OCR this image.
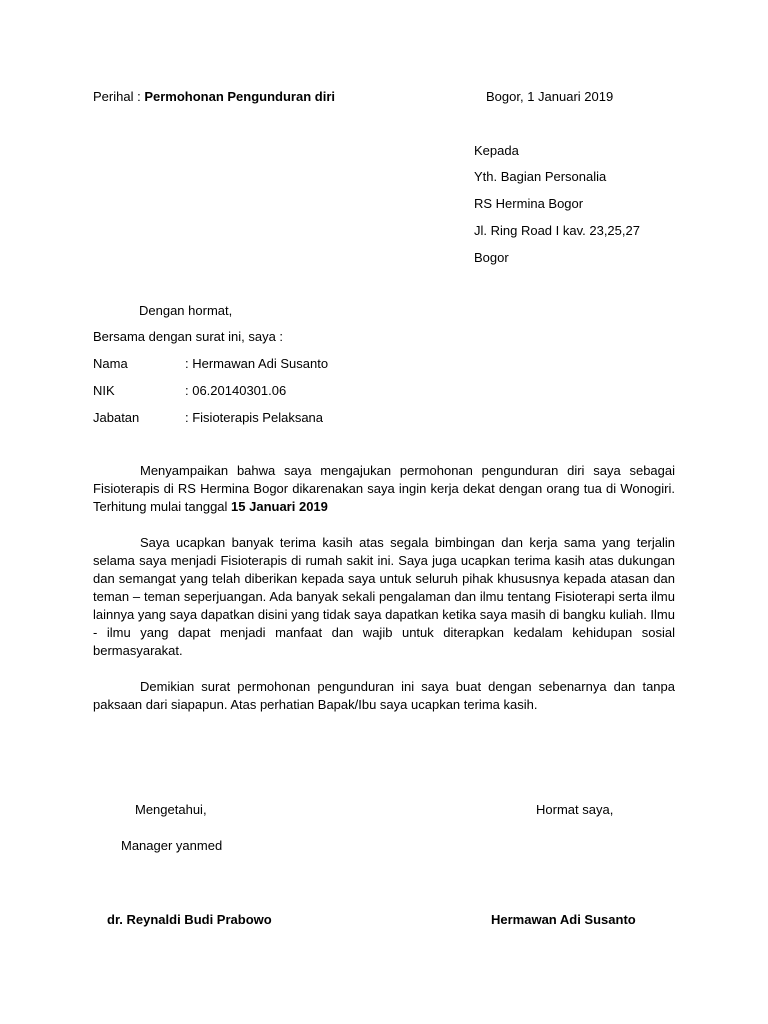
Perihal : Permohonan Pengunduran diri	Bogor, 1 Januari 2019
Kepada
Yth. Bagian Personalia
RS Hermina Bogor
Jl. Ring Road I kav. 23,25,27
Bogor
Dengan hormat,
Bersama dengan surat ini, saya :
Nama	: Hermawan Adi Susanto
NIK	: 06.20140301.06
Jabatan	: Fisioterapis Pelaksana
Menyampaikan bahwa saya mengajukan permohonan pengunduran diri saya sebagai Fisioterapis di RS Hermina Bogor dikarenakan saya ingin kerja dekat dengan orang tua di Wonogiri. Terhitung mulai tanggal 15 Januari 2019
Saya ucapkan banyak terima kasih atas segala bimbingan dan kerja sama yang terjalin selama saya menjadi Fisioterapis di rumah sakit ini. Saya juga ucapkan terima kasih atas dukungan dan semangat yang telah diberikan kepada saya untuk seluruh pihak khususnya kepada atasan dan teman – teman seperjuangan. Ada banyak sekali pengalaman dan ilmu tentang Fisioterapi serta ilmu lainnya yang saya dapatkan disini yang tidak saya dapatkan ketika saya masih di bangku kuliah. Ilmu - ilmu yang dapat menjadi manfaat dan wajib untuk diterapkan kedalam kehidupan sosial bermasyarakat.
Demikian surat permohonan pengunduran ini saya buat dengan sebenarnya dan tanpa paksaan dari siapapun. Atas perhatian Bapak/Ibu saya ucapkan terima kasih.
Mengetahui,	Hormat saya,
Manager yanmed
dr. Reynaldi Budi Prabowo	Hermawan Adi Susanto
